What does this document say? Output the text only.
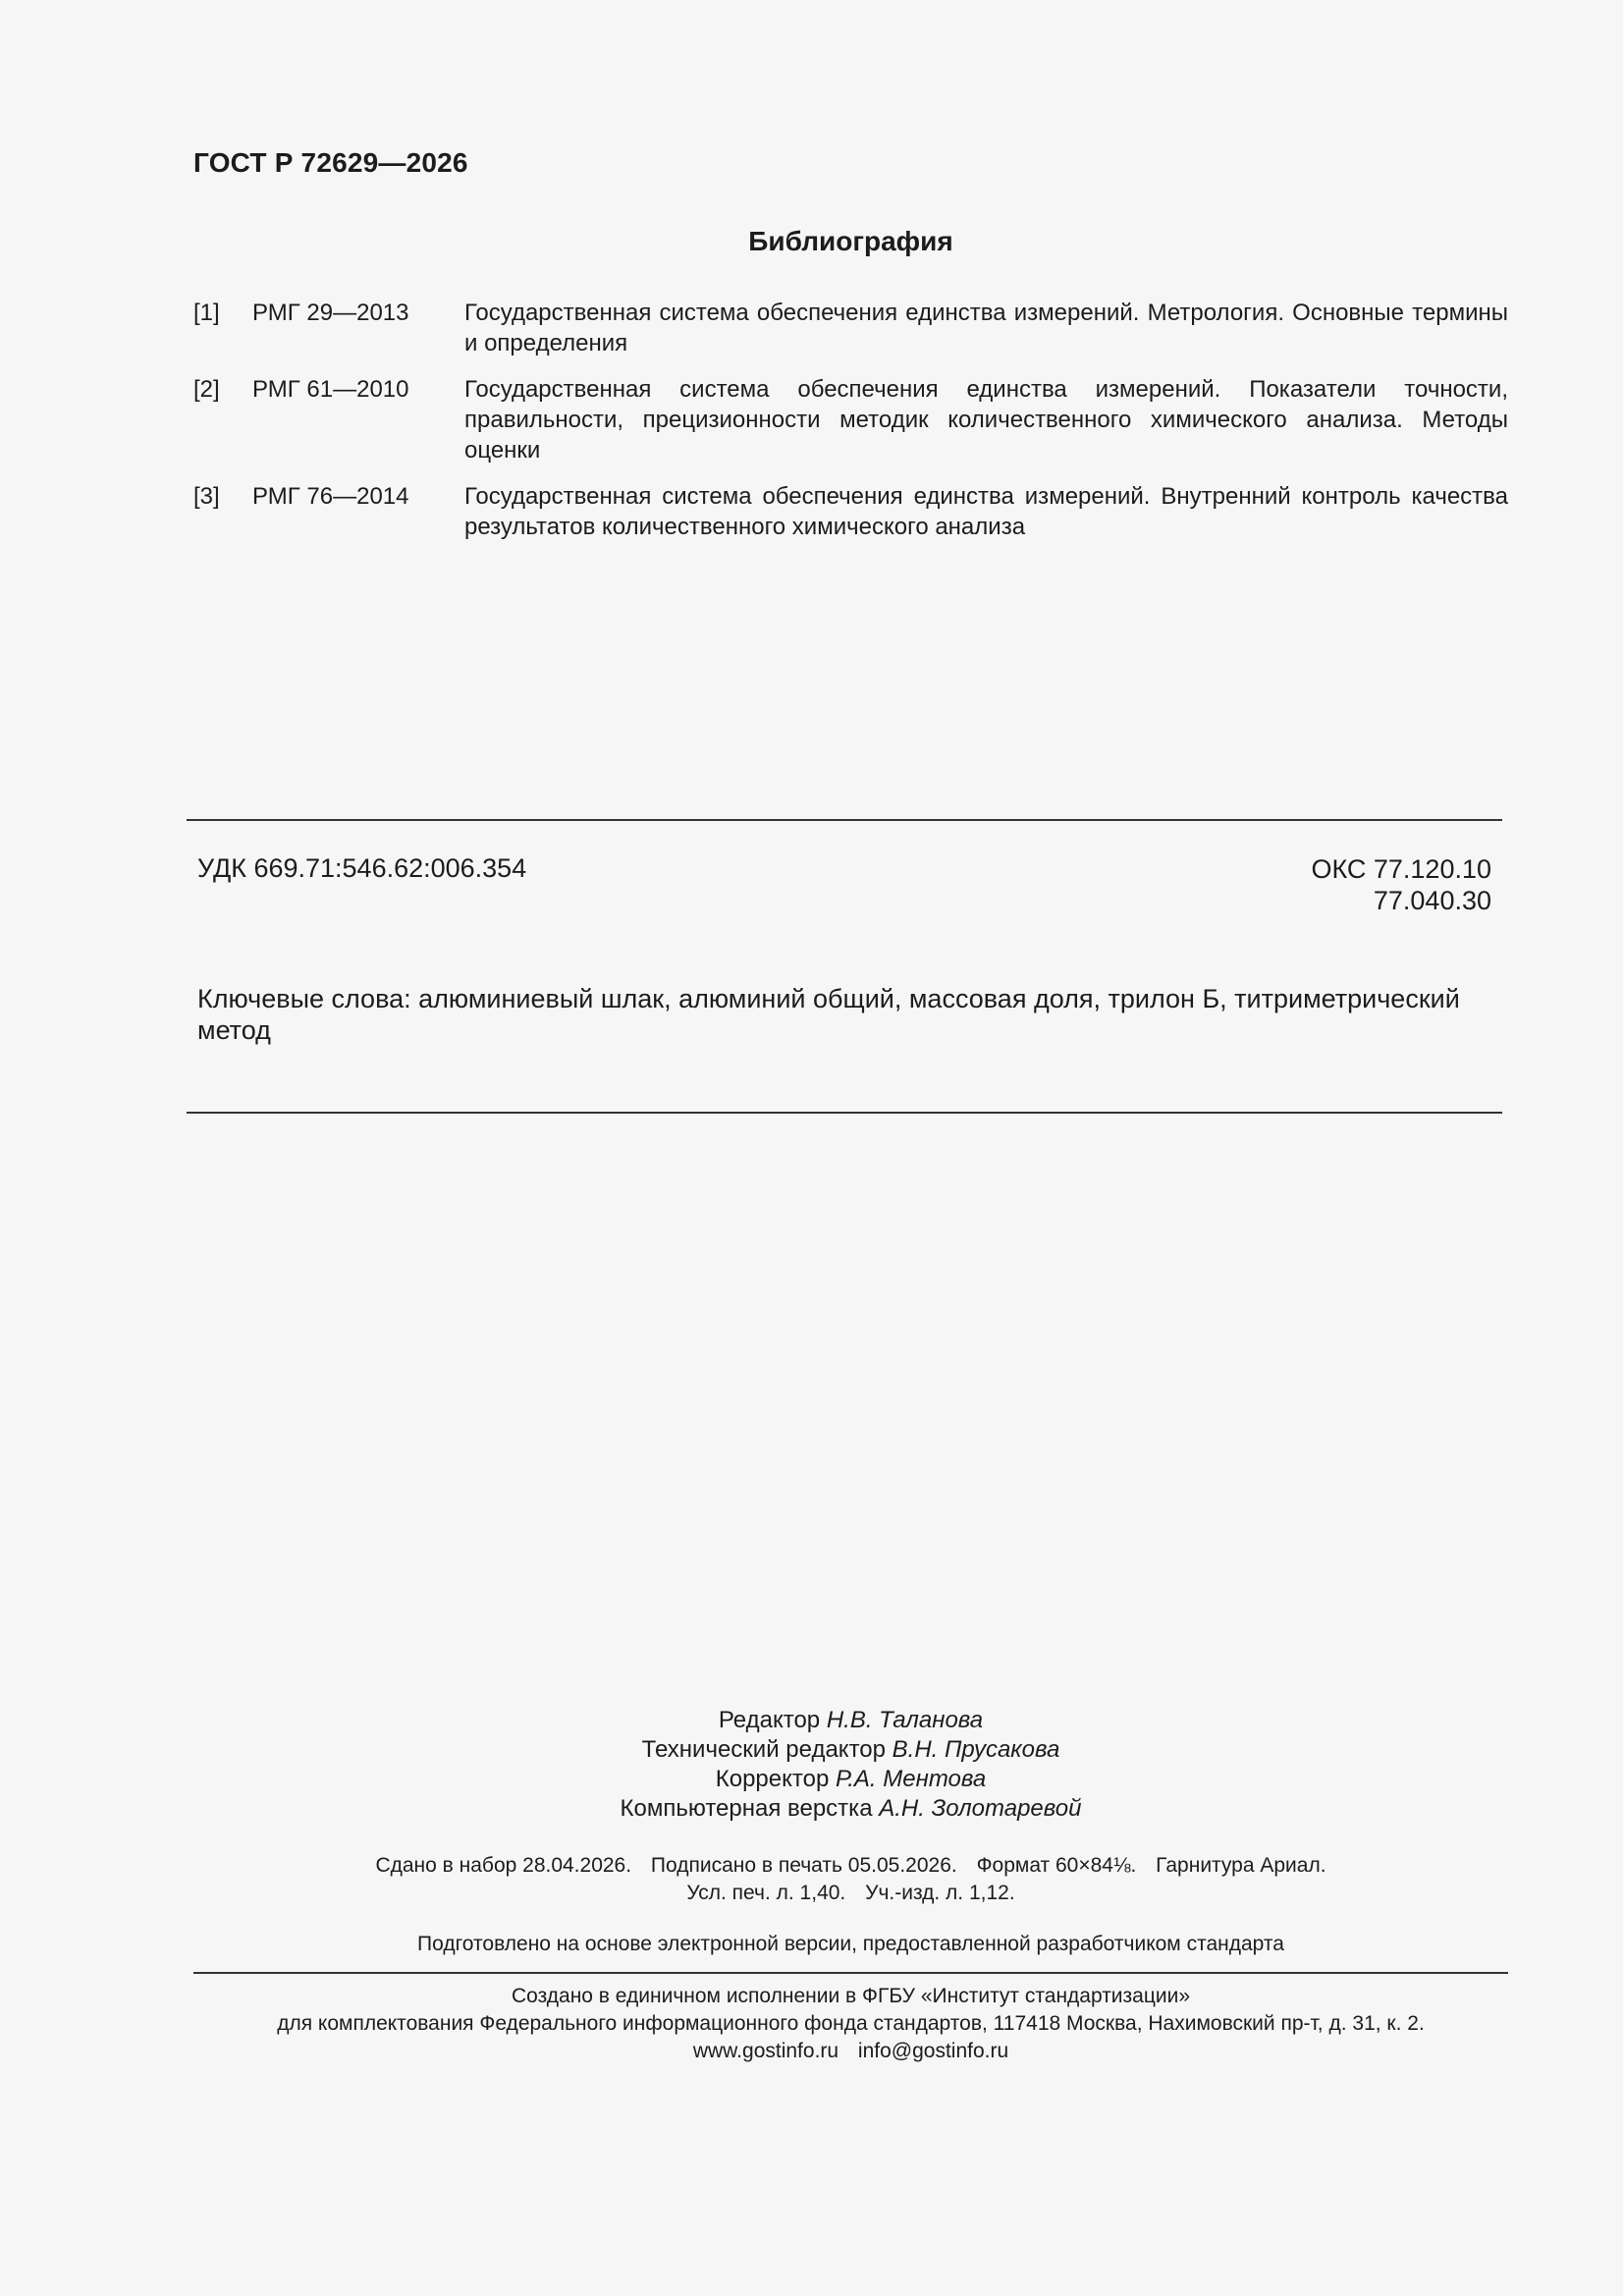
ГОСТ Р 72629—2026
Библиография
[1]	РМГ 29—2013	Государственная система обеспечения единства измерений. Метрология. Основные термины и определения
[2]	РМГ 61—2010	Государственная система обеспечения единства измерений. Показатели точности, правильности, прецизионности методик количественного химического анализа. Методы оценки
[3]	РМГ 76—2014	Государственная система обеспечения единства измерений. Внутренний контроль качества результатов количественного химического анализа
УДК 669.71:546.62:006.354	ОКС 77.120.10
77.040.30
Ключевые слова: алюминиевый шлак, алюминий общий, массовая доля, трилон Б, титриметрический метод
Редактор Н.В. Таланова
Технический редактор В.Н. Прусакова
Корректор Р.А. Ментова
Компьютерная верстка А.Н. Золотаревой
Сдано в набор 28.04.2026. Подписано в печать 05.05.2026. Формат 60×84⅛. Гарнитура Ариал.
Усл. печ. л. 1,40. Уч.-изд. л. 1,12.
Подготовлено на основе электронной версии, предоставленной разработчиком стандарта
Создано в единичном исполнении в ФГБУ «Институт стандартизации»
для комплектования Федерального информационного фонда стандартов, 117418 Москва, Нахимовский пр-т, д. 31, к. 2.
www.gostinfo.ru info@gostinfo.ru
